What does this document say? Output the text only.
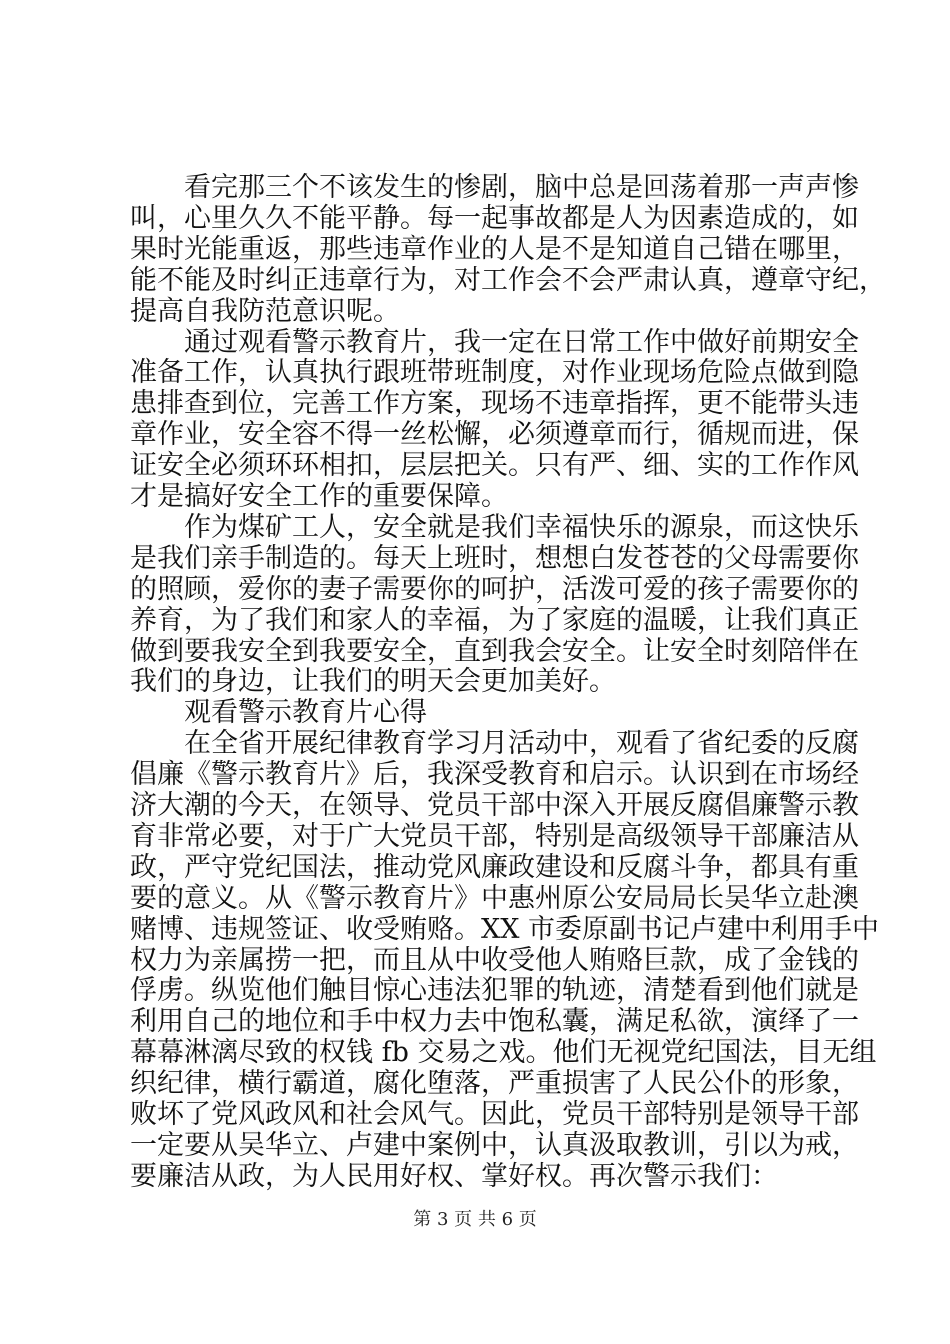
　　看完那三个不该发生的惨剧，脑中总是回荡着那一声声惨
叫，心里久久不能平静。每一起事故都是人为因素造成的，如
果时光能重返，那些违章作业的人是不是知道自己错在哪里，
能不能及时纠正违章行为，对工作会不会严肃认真，遵章守纪，
提高自我防范意识呢。
　　通过观看警示教育片，我一定在日常工作中做好前期安全
准备工作，认真执行跟班带班制度，对作业现场危险点做到隐
患排查到位，完善工作方案，现场不违章指挥，更不能带头违
章作业，安全容不得一丝松懈，必须遵章而行，循规而进，保
证安全必须环环相扣，层层把关。只有严、细、实的工作作风
才是搞好安全工作的重要保障。
　　作为煤矿工人，安全就是我们幸福快乐的源泉，而这快乐
是我们亲手制造的。每天上班时，想想白发苍苍的父母需要你
的照顾，爱你的妻子需要你的呵护，活泼可爱的孩子需要你的
养育，为了我们和家人的幸福，为了家庭的温暖，让我们真正
做到要我安全到我要安全，直到我会安全。让安全时刻陪伴在
我们的身边，让我们的明天会更加美好。
　　观看警示教育片心得
　　在全省开展纪律教育学习月活动中，观看了省纪委的反腐
倡廉《警示教育片》后，我深受教育和启示。认识到在市场经
济大潮的今天，在领导、党员干部中深入开展反腐倡廉警示教
育非常必要，对于广大党员干部，特别是高级领导干部廉洁从
政，严守党纪国法，推动党风廉政建设和反腐斗争，都具有重
要的意义。从《警示教育片》中惠州原公安局局长吴华立赴澳
赌博、违规签证、收受贿赂。XX 市委原副书记卢建中利用手中
权力为亲属捞一把，而且从中收受他人贿赂巨款，成了金钱的
俘虏。纵览他们触目惊心违法犯罪的轨迹，清楚看到他们就是
利用自己的地位和手中权力去中饱私囊，满足私欲，演绎了一
幕幕淋漓尽致的权钱 fb 交易之戏。他们无视党纪国法，目无组
织纪律，横行霸道，腐化堕落，严重损害了人民公仆的形象，
败坏了党风政风和社会风气。因此，党员干部特别是领导干部
一定要从吴华立、卢建中案例中，认真汲取教训，引以为戒，
要廉洁从政，为人民用好权、掌好权。再次警示我们：
第 3 页 共 6 页
